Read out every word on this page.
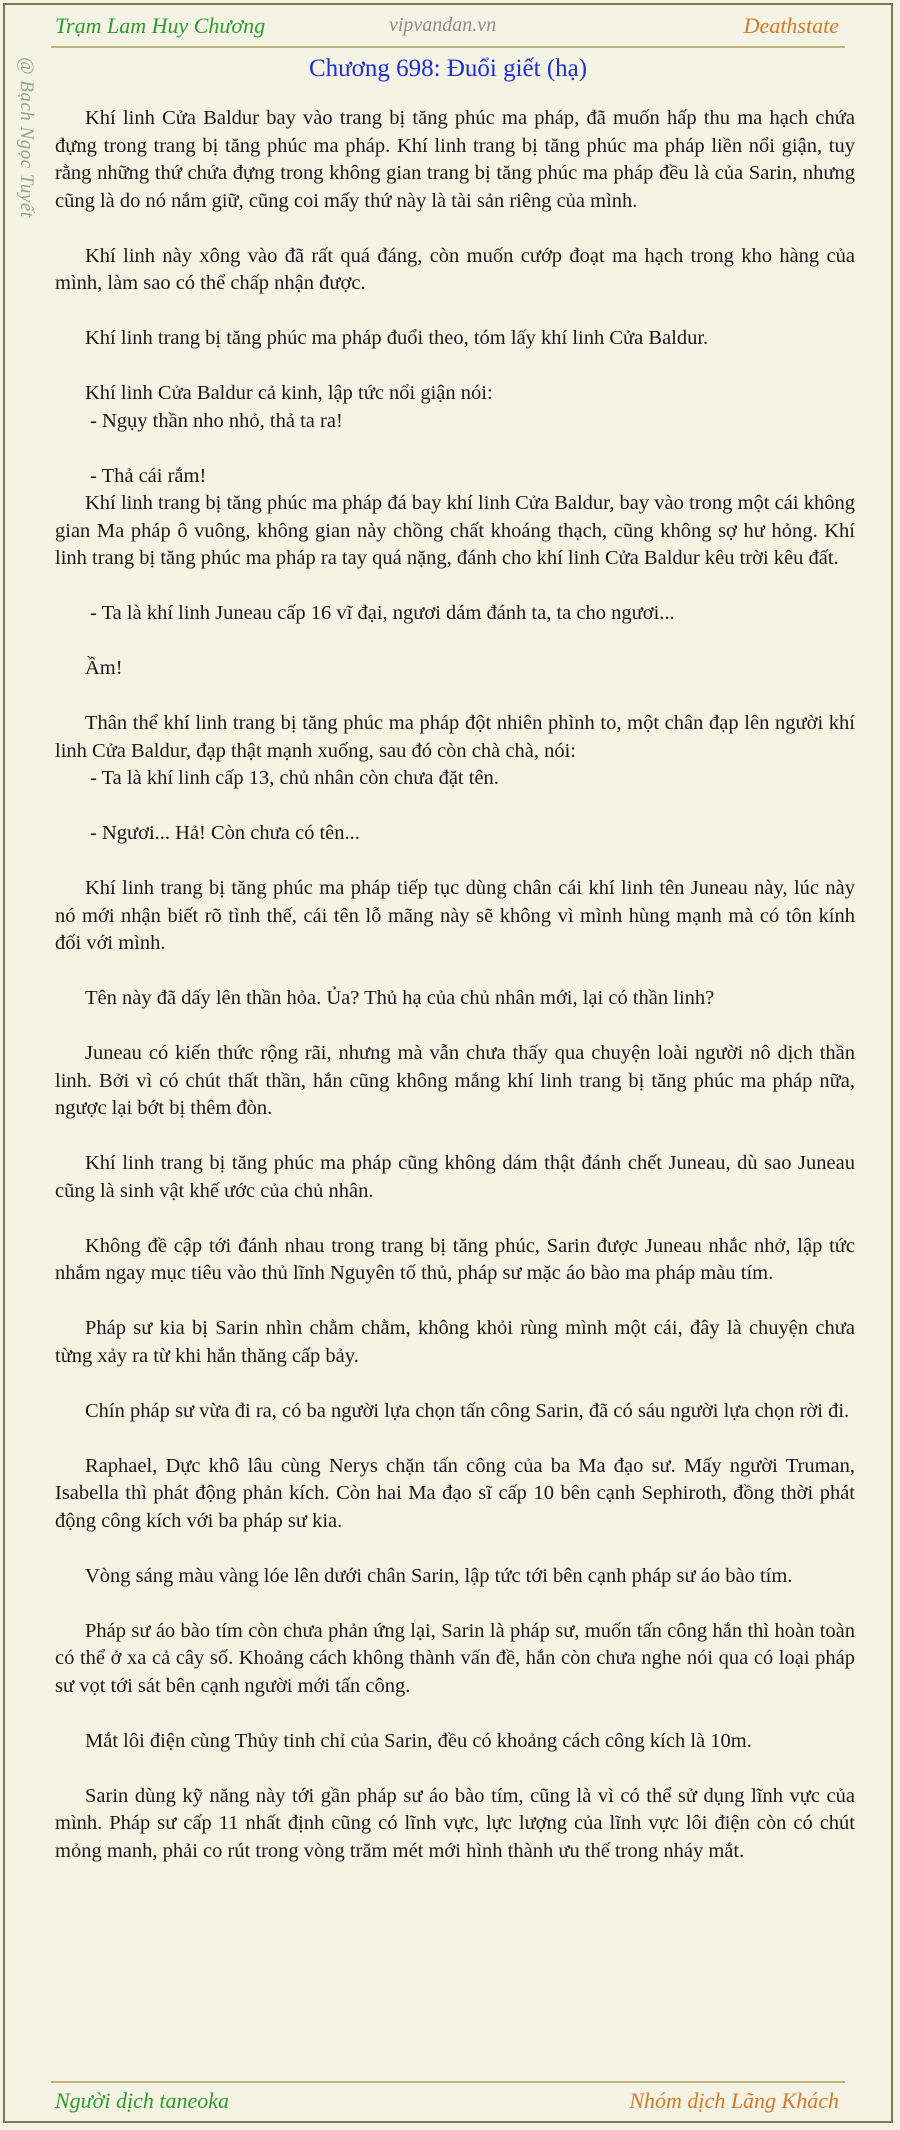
Trạm Lam Huy Chương	vipvandan.vn	Deathstate
@ Bạch Ngọc Tuyết	Chương 698: Đuổi giết (hạ)

Khí linh Cửa Baldur bay vào trang bị tăng phúc ma pháp, đã muốn hấp thu ma hạch chứa đựng trong trang bị tăng phúc ma pháp. Khí linh trang bị tăng phúc ma pháp liền nổi giận, tuy rằng những thứ chứa đựng trong không gian trang bị tăng phúc ma pháp đều là của Sarin, nhưng cũng là do nó nắm giữ, cũng coi mấy thứ này là tài sản riêng của mình.

Khí linh này xông vào đã rất quá đáng, còn muốn cướp đoạt ma hạch trong kho hàng của mình, làm sao có thể chấp nhận được.

Khí linh trang bị tăng phúc ma pháp đuổi theo, tóm lấy khí linh Cửa Baldur.

Khí linh Cửa Baldur cả kinh, lập tức nổi giận nói:

- Ngụy thần nho nhỏ, thả ta ra!

- Thả cái rắm!

Khí linh trang bị tăng phúc ma pháp đá bay khí linh Cửa Baldur, bay vào trong một cái không gian Ma pháp ô vuông, không gian này chồng chất khoáng thạch, cũng không sợ hư hỏng. Khí linh trang bị tăng phúc ma pháp ra tay quá nặng, đánh cho khí linh Cửa Baldur kêu trời kêu đất.

- Ta là khí linh Juneau cấp 16 vĩ đại, ngươi dám đánh ta, ta cho ngươi...

Ầm!

Thân thể khí linh trang bị tăng phúc ma pháp đột nhiên phình to, một chân đạp lên người khí linh Cửa Baldur, đạp thật mạnh xuống, sau đó còn chà chà, nói:

- Ta là khí linh cấp 13, chủ nhân còn chưa đặt tên.

- Ngươi... Hả! Còn chưa có tên...

Khí linh trang bị tăng phúc ma pháp tiếp tục dùng chân cái khí linh tên Juneau này, lúc này nó mới nhận biết rõ tình thế, cái tên lỗ mãng này sẽ không vì mình hùng mạnh mà có tôn kính đối với mình.

Tên này đã dấy lên thần hỏa. Ủa? Thủ hạ của chủ nhân mới, lại có thần linh?

Juneau có kiến thức rộng rãi, nhưng mà vẫn chưa thấy qua chuyện loài người nô dịch thần linh. Bởi vì có chút thất thần, hắn cũng không mắng khí linh trang bị tăng phúc ma pháp nữa, ngược lại bớt bị thêm đòn.

Khí linh trang bị tăng phúc ma pháp cũng không dám thật đánh chết Juneau, dù sao Juneau cũng là sinh vật khế ước của chủ nhân.

Không đề cập tới đánh nhau trong trang bị tăng phúc, Sarin được Juneau nhắc nhở, lập tức nhắm ngay mục tiêu vào thủ lĩnh Nguyên tố thủ, pháp sư mặc áo bào ma pháp màu tím.

Pháp sư kia bị Sarin nhìn chằm chằm, không khỏi rùng mình một cái, đây là chuyện chưa từng xảy ra từ khi hắn thăng cấp bảy.

Chín pháp sư vừa đi ra, có ba người lựa chọn tấn công Sarin, đã có sáu người lựa chọn rời đi.

Raphael, Dực khô lâu cùng Nerys chặn tấn công của ba Ma đạo sư. Mấy người Truman, Isabella thì phát động phản kích. Còn hai Ma đạo sĩ cấp 10 bên cạnh Sephiroth, đồng thời phát động công kích với ba pháp sư kia.

Vòng sáng màu vàng lóe lên dưới chân Sarin, lập tức tới bên cạnh pháp sư áo bào tím.

Pháp sư áo bào tím còn chưa phản ứng lại, Sarin là pháp sư, muốn tấn công hắn thì hoàn toàn có thể ở xa cả cây số. Khoảng cách không thành vấn đề, hắn còn chưa nghe nói qua có loại pháp sư vọt tới sát bên cạnh người mới tấn công.

Mắt lôi điện cùng Thủy tinh chỉ của Sarin, đều có khoảng cách công kích là 10m.

Sarin dùng kỹ năng này tới gần pháp sư áo bào tím, cũng là vì có thể sử dụng lĩnh vực của mình. Pháp sư cấp 11 nhất định cũng có lĩnh vực, lực lượng của lĩnh vực lôi điện còn có chút mỏng manh, phải co rút trong vòng trăm mét mới hình thành ưu thế trong nháy mắt.

Người dịch taneoka	Nhóm dịch Lãng Khách
